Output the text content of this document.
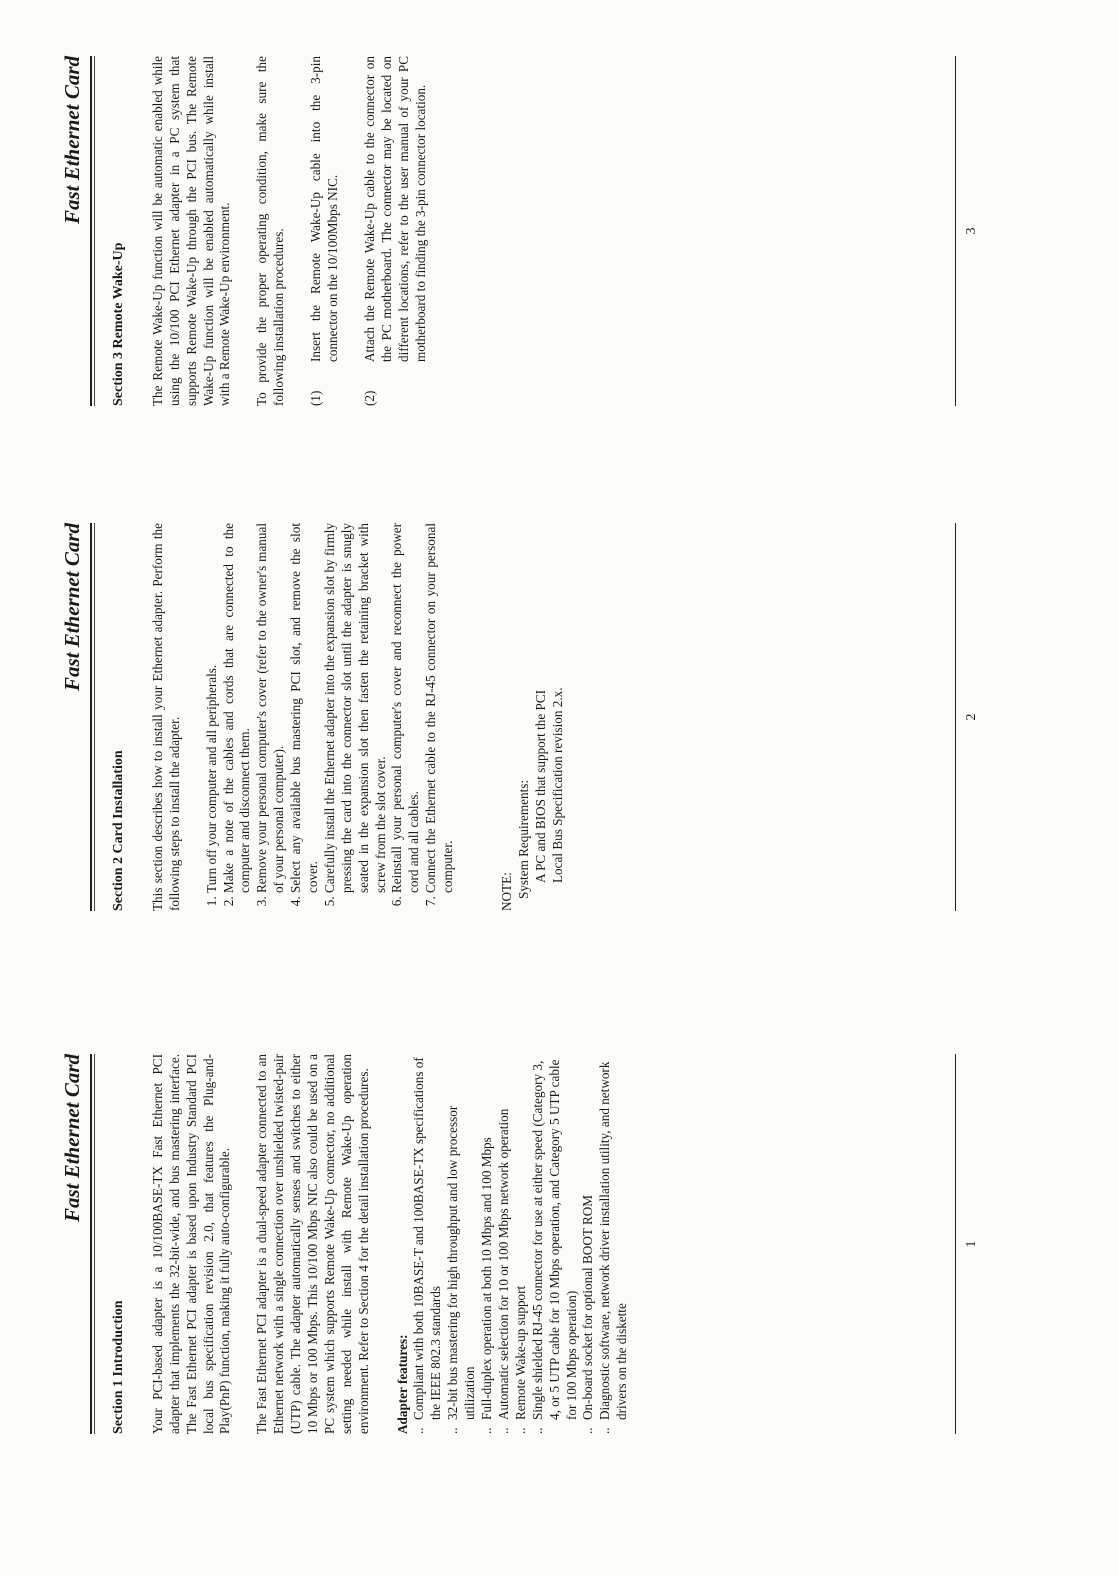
Fast Ethernet Card
Section 1 Introduction Your PCI-based adapter is a 10/100BASE-TX Fast Ethernet PCI adapter that implements the 32-bit-wide, and bus mastering interface. The Fast Ethernet PCI adapter is based upon Industry Standard PCI local bus specification revision 2.0, that features the Plug-and-Play(PnP) function, making it fully auto-configurable. The Fast Ethernet PCI adapter is a dual-speed adapter connected to an Ethernet network with a single connection over unshielded twisted-pair (UTP) cable. The adapter automatically senses and switches to either 10 Mbps or 100 Mbps. This 10/100 Mbps NIC also could be used on a PC system which supports Remote Wake-Up connector, no additional setting needed while install with Remote Wake-Up operation environment. Refer to Section 4 for the detail installation procedures. Adapter features: ..Compliant with both 10BASE-T and 100BASE-TX specifications of the IEEE 802.3 standards
..32-bit bus mastering for high throughput and low processor utilization
..Full-duplex operation at both 10 Mbps and 100 Mbps
..Automatic selection for 10 or 100 Mbps network operation
..Remote Wake-up support
..Single shielded RJ-45 connector for use at either speed (Category 3, 4, or 5 UTP cable for 10 Mbps operation, and Category 5 UTP cable for 100 Mbps operation)
..On-board socket for optional BOOT ROM
..Diagnostic software, network driver installation utility, and network drivers on the diskette
1
Fast Ethernet Card
Section 2 Card Installation This section describes how to install your Ethernet adapter. Perform the following steps to install the adapter. 1. Turn off your computer and all peripherals. 2. Make a note of the cables and cords that are connected to the computer and disconnect them. 3. Remove your personal computer's cover (refer to the owner's manual of your personal computer). 4. Select any available bus mastering PCI slot, and remove the slot cover. 5. Carefully install the Ethernet adapter into the expansion slot by firmly pressing the card into the connector slot until the adapter is snugly seated in the expansion slot then fasten the retaining bracket with screw from the slot cover. 6. Reinstall your personal computer's cover and reconnect the power cord and all cables. 7. Connect the Ethernet cable to the RJ-45 connector on your personal computer.	NOTE: System Requirements: A PC and BIOS that support the PCI Local Bus Specification revision 2.x.	2
Fast Ethernet Card
Section 3 Remote Wake-Up The Remote Wake-Up function will be automatic enabled while using the 10/100 PCI Ethernet adapter in a PC system that supports Remote Wake-Up through the PCI bus. The Remote Wake-Up function will be enabled automatically while install with a Remote Wake-Up environment. To provide the proper operating condition, make sure the following installation procedures. (1)
Insert the Remote Wake-Up cable into the 3-pin connector on the 10/100Mbps NIC.
(2)
Attach the Remote Wake-Up cable to the connector on the PC motherboard. The connector may be located on different locations, refer to the user manual of your PC motherboard to finding the 3-pin connector location.	3
